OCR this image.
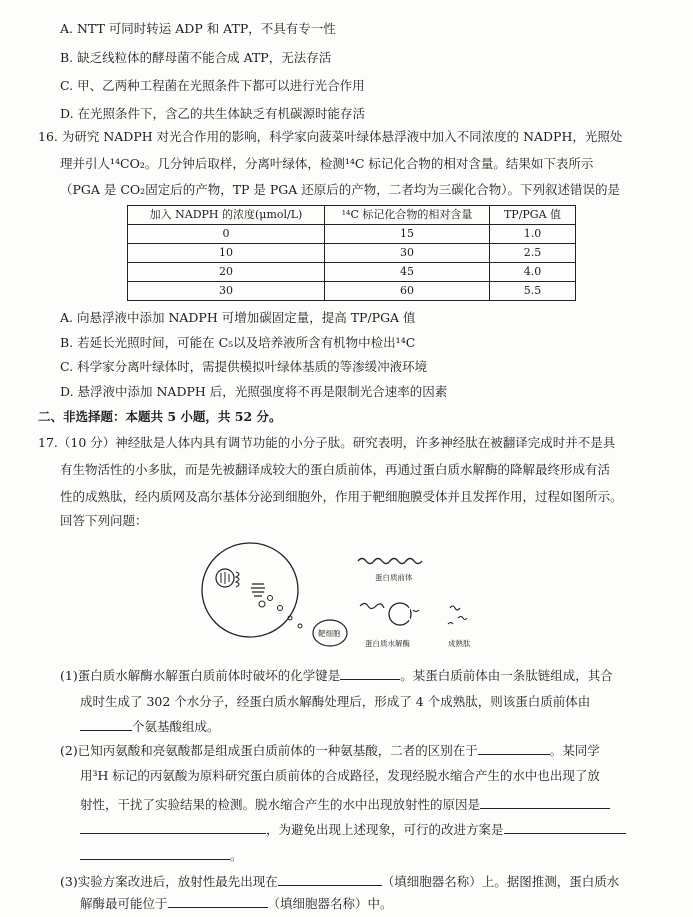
A. NTT 可同时转运 ADP 和 ATP，不具有专一性
B. 缺乏线粒体的酵母菌不能合成 ATP，无法存活
C. 甲、乙两种工程菌在光照条件下都可以进行光合作用
D. 在光照条件下，含乙的共生体缺乏有机碳源时能存活
16. 为研究 NADPH 对光合作用的影响，科学家向菠菜叶绿体悬浮液中加入不同浓度的 NADPH，光照处
理并引人¹⁴CO₂。几分钟后取样，分离叶绿体，检测¹⁴C 标记化合物的相对含量。结果如下表所示
（PGA 是 CO₂固定后的产物，TP 是 PGA 还原后的产物，二者均为三碳化合物）。下列叙述错误的是
加入 NADPH 的浓度(μmol/L)	¹⁴C 标记化合物的相对含量	TP/PGA 值
0	15	1.0
10	30	2.5
20	45	4.0
30	60	5.5
A. 向悬浮液中添加 NADPH 可增加碳固定量，提高 TP/PGA 值
B. 若延长光照时间，可能在 C₅以及培养液所含有机物中检出¹⁴C
C. 科学家分离叶绿体时，需提供模拟叶绿体基质的等渗缓冲液环境
D. 悬浮液中添加 NADPH 后，光照强度将不再是限制光合速率的因素
二、非选择题：本题共 5 小题，共 52 分。
17.（10 分）神经肽是人体内具有调节功能的小分子肽。研究表明，许多神经肽在被翻译完成时并不是具
有生物活性的小多肽，而是先被翻译成较大的蛋白质前体，再通过蛋白质水解酶的降解最终形成有活
性的成熟肽，经内质网及高尔基体分泌到细胞外，作用于靶细胞膜受体并且发挥作用，过程如图所示。
回答下列问题：
靶细胞
蛋白质前体
蛋白质水解酶	成熟肽
(1)蛋白质水解酶水解蛋白质前体时破坏的化学键是	。某蛋白质前体由一条肽链组成，其合
成时生成了 302 个水分子，经蛋白质水解酶处理后，形成了 4 个成熟肽，则该蛋白质前体由
个氨基酸组成。
(2)已知丙氨酸和亮氨酸都是组成蛋白质前体的一种氨基酸，二者的区别在于	。某同学
用³H 标记的丙氨酸为原料研究蛋白质前体的合成路径，发现经脱水缩合产生的水中也出现了放
射性，干扰了实验结果的检测。脱水缩合产生的水中出现放射性的原因是
，为避免出现上述现象，可行的改进方案是
。
(3)实验方案改进后，放射性最先出现在	（填细胞器名称）上。据图推测，蛋白质水
解酶最可能位于	（填细胞器名称）中。
